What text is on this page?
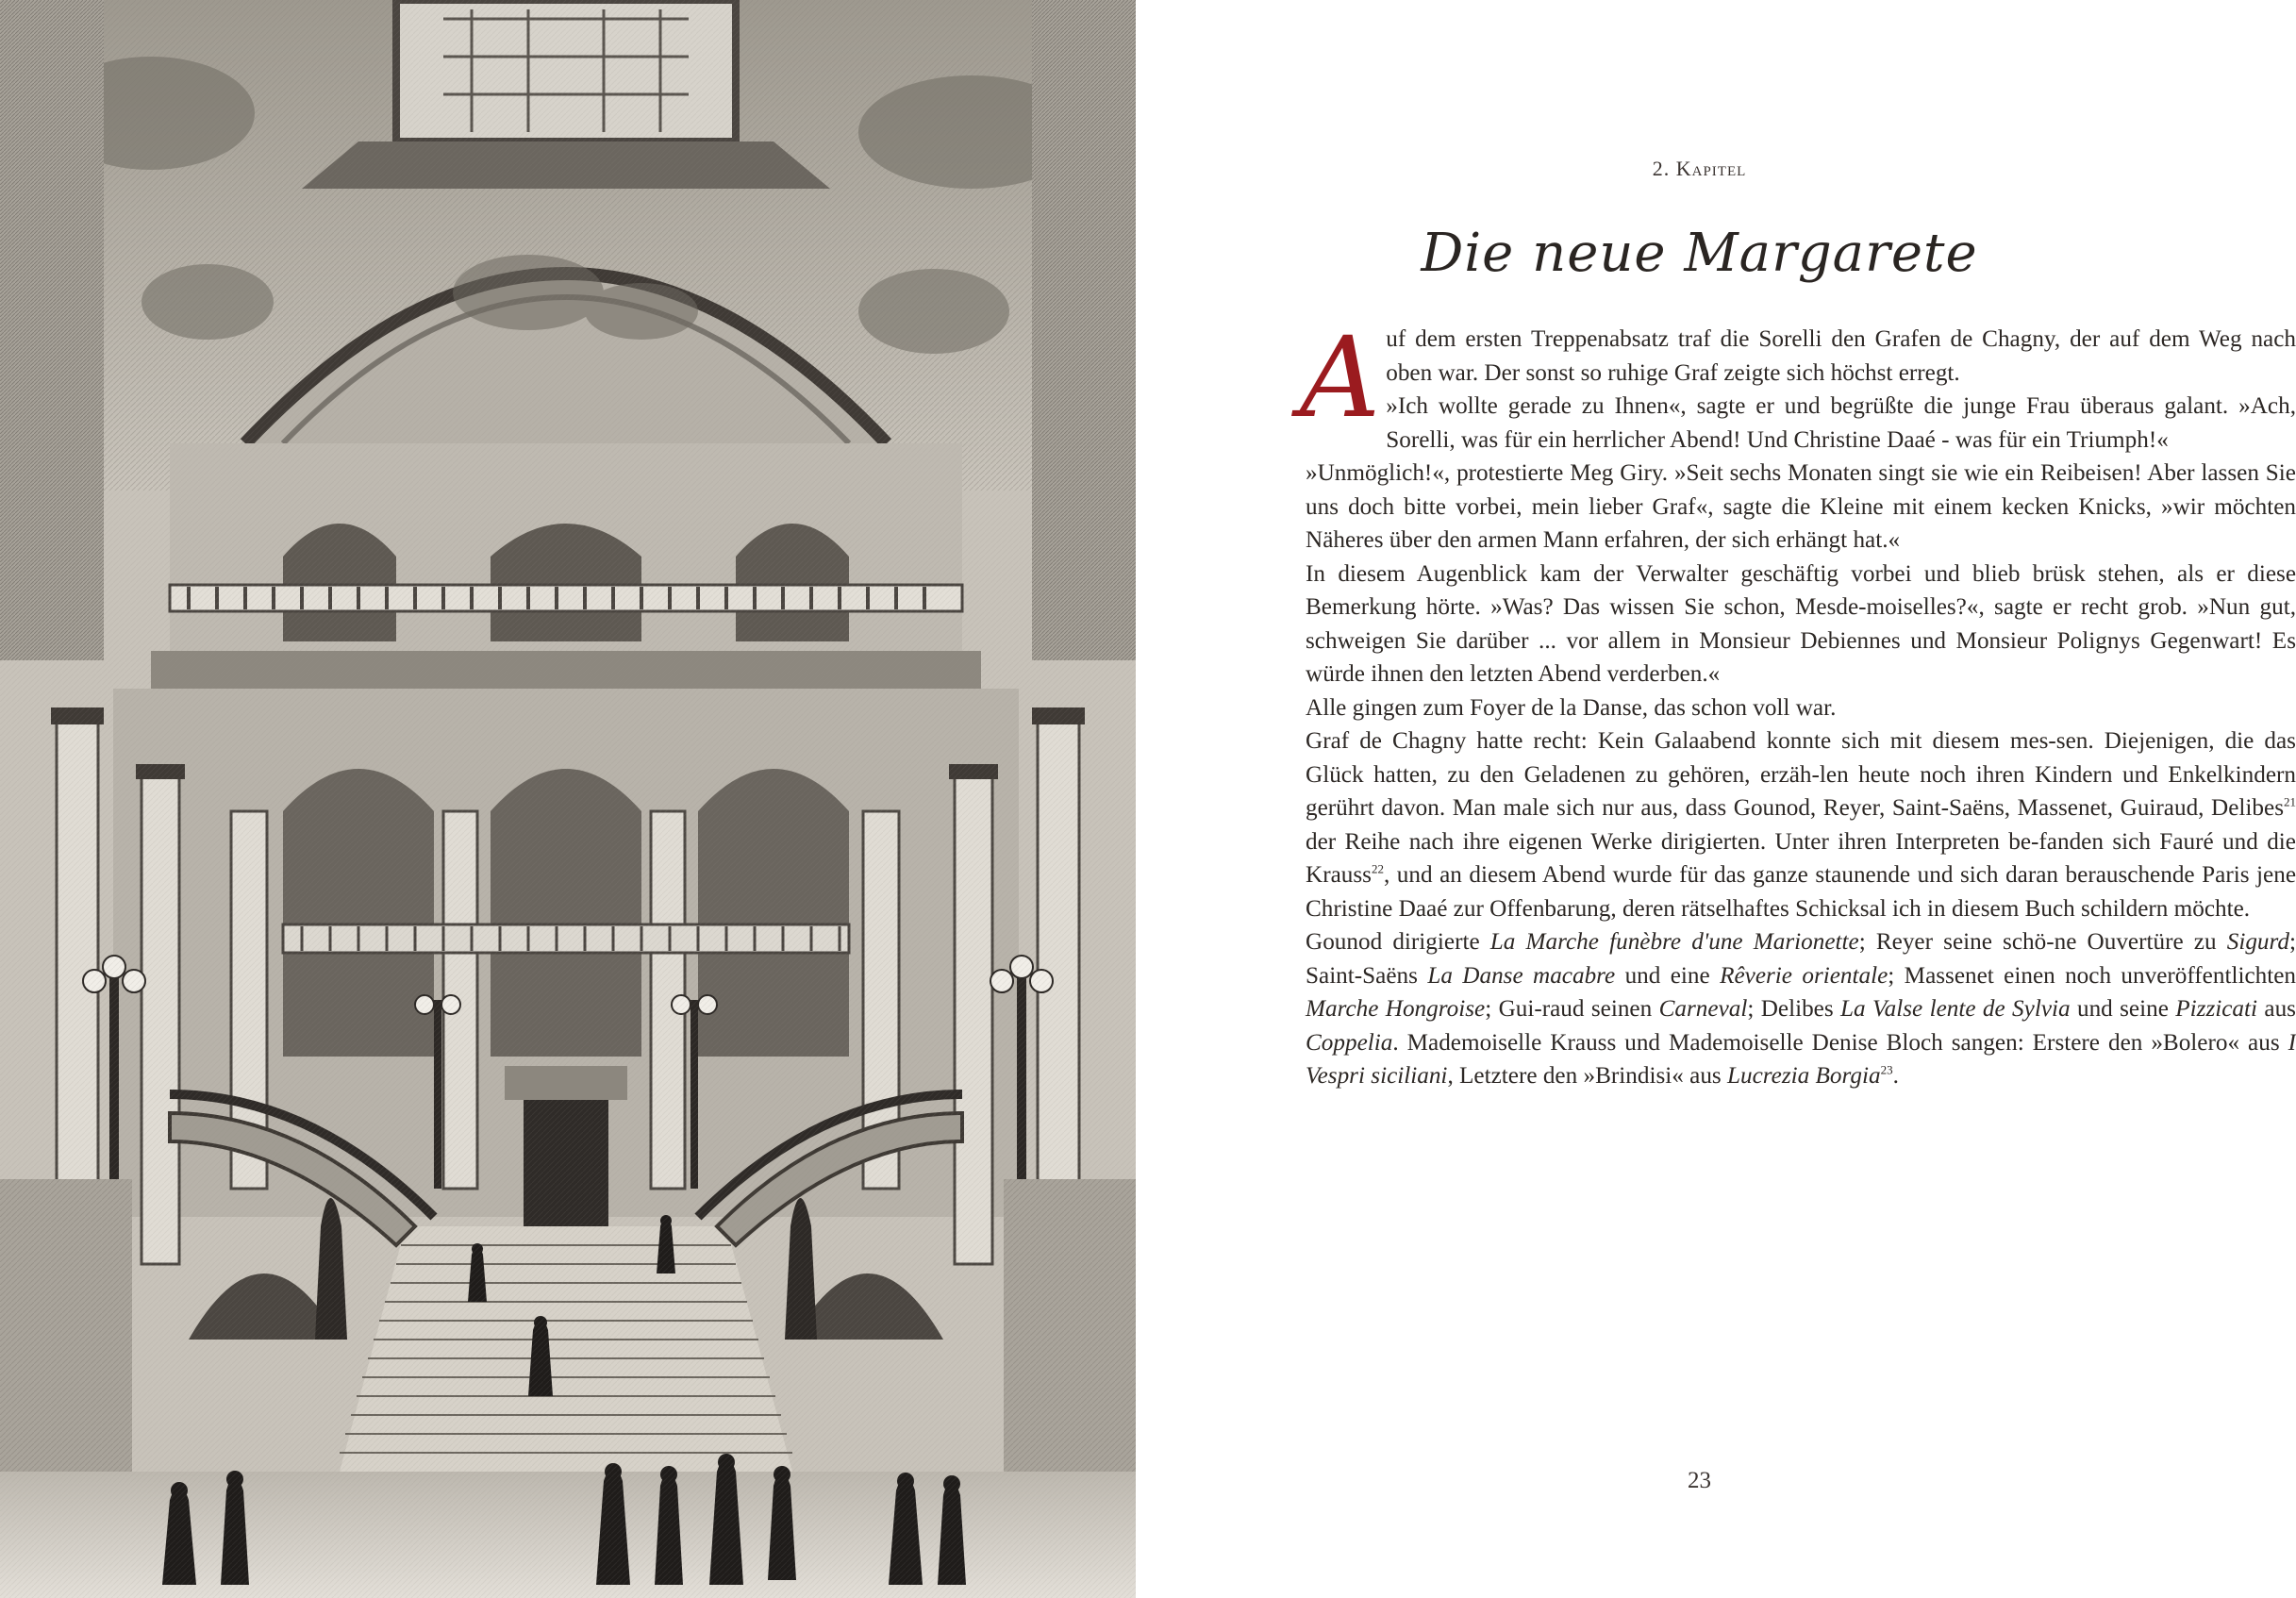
2. Kapitel
Die neue Margarete
A uf dem ersten Treppenabsatz traf die Sorelli den Grafen de Chagny, der auf dem Weg nach oben war. Der sonst so ruhige Graf zeigte sich höchst erregt.

»Ich wollte gerade zu Ihnen«, sagte er und begrüßte die junge Frau überaus galant. »Ach, Sorelli, was für ein herrlicher Abend! Und Christine Daaé - was für ein Triumph!«

»Unmöglich!«, protestierte Meg Giry. »Seit sechs Monaten singt sie wie ein Reibeisen! Aber lassen Sie uns doch bitte vorbei, mein lieber Graf«, sagte die Kleine mit einem kecken Knicks, »wir möchten Näheres über den armen Mann erfahren, der sich erhängt hat.«

In diesem Augenblick kam der Verwalter geschäftig vorbei und blieb brüsk stehen, als er diese Bemerkung hörte. »Was? Das wissen Sie schon, Mesde-moiselles?«, sagte er recht grob. »Nun gut, schweigen Sie darüber ... vor allem in Monsieur Debiennes und Monsieur Polignys Gegenwart! Es würde ihnen den letzten Abend verderben.«

Alle gingen zum Foyer de la Danse, das schon voll war.

Graf de Chagny hatte recht: Kein Galaabend konnte sich mit diesem mes-sen. Diejenigen, die das Glück hatten, zu den Geladenen zu gehören, erzäh-len heute noch ihren Kindern und Enkelkindern gerührt davon. Man male sich nur aus, dass Gounod, Reyer, Saint-Saëns, Massenet, Guiraud, Delibes$^{21}$ der Reihe nach ihre eigenen Werke dirigierten. Unter ihren Interpreten be-fanden sich Fauré und die Krauss$^{22}$, und an diesem Abend wurde für das ganze staunende und sich daran berauschende Paris jene Christine Daaé zur Offenbarung, deren rätselhaftes Schicksal ich in diesem Buch schildern möchte.

Gounod dirigierte La Marche funèbre d'une Marionette; Reyer seine schö-ne Ouvertüre zu Sigurd; Saint-Saëns La Danse macabre und eine Rêverie orientale; Massenet einen noch unveröffentlichten Marche Hongroise; Gui-raud seinen Carneval; Delibes La Valse lente de Sylvia und seine Pizzicati aus Coppelia. Mademoiselle Krauss und Mademoiselle Denise Bloch sangen: Erstere den »Bolero« aus I Vespri siciliani, Letztere den »Brindisi« aus Lucrezia Borgia$^{23}$.

23
